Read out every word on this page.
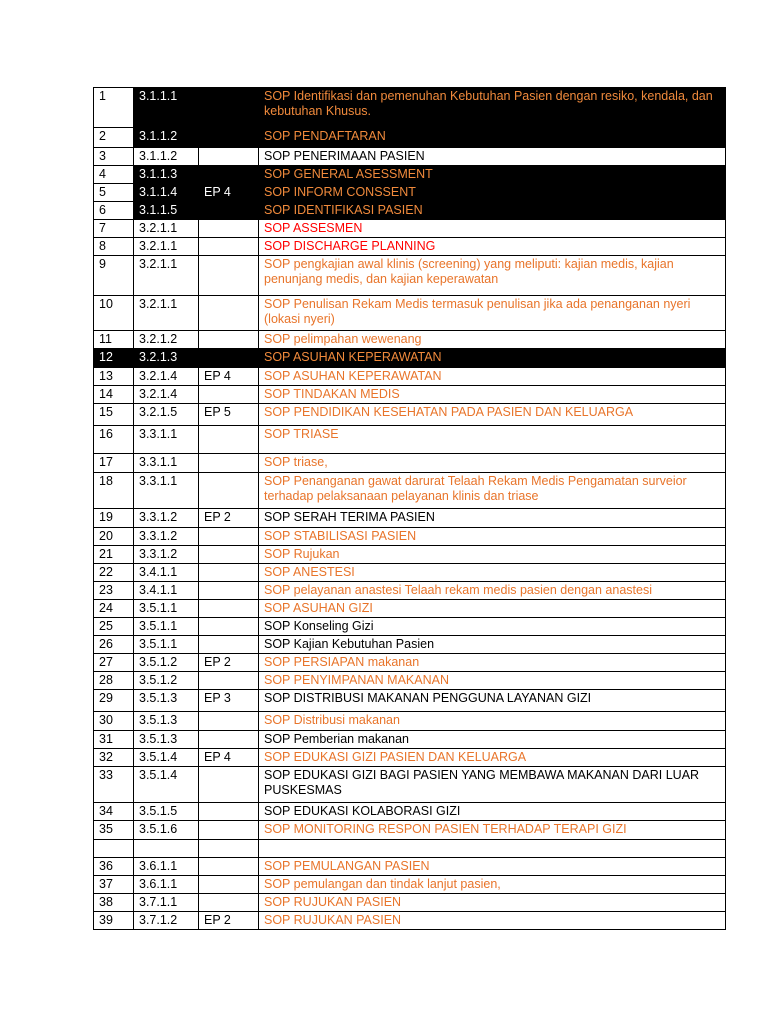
1	3.1.1.1		SOP Identifikasi dan pemenuhan Kebutuhan Pasien dengan resiko, kendala, dan kebutuhan Khusus.
2	3.1.1.2		SOP PENDAFTARAN
3	3.1.1.2		SOP PENERIMAAN PASIEN
4	3.1.1.3		SOP GENERAL ASESSMENT
5	3.1.1.4	EP 4	SOP INFORM CONSSENT
6	3.1.1.5		SOP IDENTIFIKASI PASIEN
7	3.2.1.1		SOP ASSESMEN
8	3.2.1.1		SOP DISCHARGE PLANNING
9	3.2.1.1		SOP pengkajian awal klinis (screening) yang meliputi: kajian medis, kajian penunjang medis, dan kajian keperawatan
10	3.2.1.1		SOP Penulisan Rekam Medis termasuk penulisan jika ada penanganan nyeri (lokasi nyeri)
11	3.2.1.2		SOP pelimpahan wewenang
12	3.2.1.3		SOP ASUHAN KEPERAWATAN
13	3.2.1.4	EP 4	SOP ASUHAN KEPERAWATAN
14	3.2.1.4		SOP TINDAKAN MEDIS
15	3.2.1.5	EP 5	SOP PENDIDIKAN KESEHATAN PADA PASIEN DAN KELUARGA
16	3.3.1.1		SOP TRIASE
17	3.3.1.1		SOP triase,
18	3.3.1.1		SOP Penanganan gawat darurat Telaah Rekam Medis Pengamatan surveior terhadap pelaksanaan pelayanan klinis dan triase
19	3.3.1.2	EP 2	SOP SERAH TERIMA PASIEN
20	3.3.1.2		SOP STABILISASI PASIEN
21	3.3.1.2		SOP Rujukan
22	3.4.1.1		SOP ANESTESI
23	3.4.1.1		SOP pelayanan anastesi Telaah rekam medis pasien dengan anastesi
24	3.5.1.1		SOP ASUHAN GIZI
25	3.5.1.1		SOP Konseling Gizi
26	3.5.1.1		SOP Kajian Kebutuhan Pasien
27	3.5.1.2	EP 2	SOP PERSIAPAN makanan
28	3.5.1.2		SOP PENYIMPANAN MAKANAN
29	3.5.1.3	EP 3	SOP DISTRIBUSI MAKANAN PENGGUNA LAYANAN GIZI
30	3.5.1.3		SOP Distribusi makanan
31	3.5.1.3		SOP Pemberian makanan
32	3.5.1.4	EP 4	SOP EDUKASI GIZI PASIEN DAN KELUARGA
33	3.5.1.4		SOP EDUKASI GIZI BAGI PASIEN YANG MEMBAWA MAKANAN DARI LUAR PUSKESMAS
34	3.5.1.5		SOP EDUKASI KOLABORASI GIZI
35	3.5.1.6		SOP MONITORING RESPON PASIEN TERHADAP TERAPI GIZI

36	3.6.1.1		SOP PEMULANGAN PASIEN
37	3.6.1.1		SOP pemulangan dan tindak lanjut pasien,
38	3.7.1.1		SOP RUJUKAN PASIEN
39	3.7.1.2	EP 2	SOP RUJUKAN PASIEN
